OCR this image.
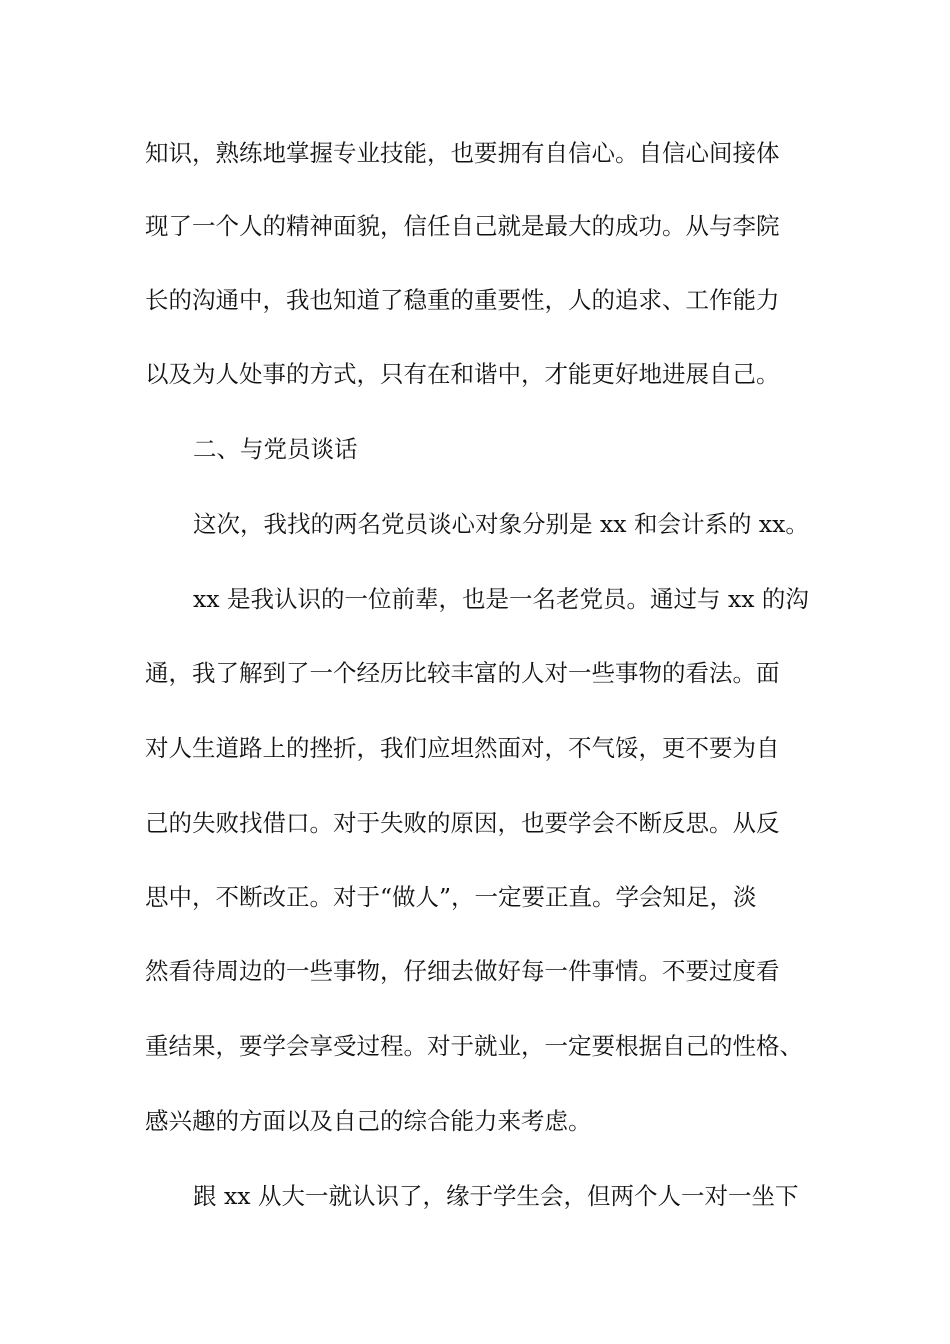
知识，熟练地掌握专业技能，也要拥有自信心。自信心间接体
现了一个人的精神面貌，信任自己就是最大的成功。从与李院
长的沟通中，我也知道了稳重的重要性，人的追求、工作能力
以及为人处事的方式，只有在和谐中，才能更好地进展自己。
二、与党员谈话
这次，我找的两名党员谈心对象分别是 xx 和会计系的 xx。
xx 是我认识的一位前辈，也是一名老党员。通过与 xx 的沟
通，我了解到了一个经历比较丰富的人对一些事物的看法。面
对人生道路上的挫折，我们应坦然面对，不气馁，更不要为自
己的失败找借口。对于失败的原因，也要学会不断反思。从反
思中，不断改正。对于“做人”，一定要正直。学会知足，淡
然看待周边的一些事物，仔细去做好每一件事情。不要过度看
重结果，要学会享受过程。对于就业，一定要根据自己的性格、
感兴趣的方面以及自己的综合能力来考虑。
跟 xx 从大一就认识了，缘于学生会，但两个人一对一坐下
